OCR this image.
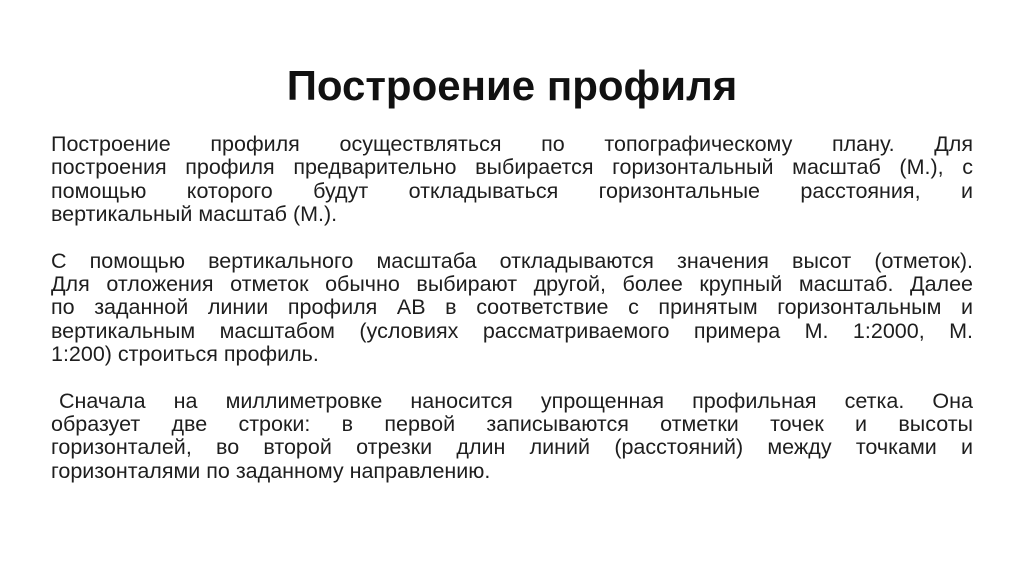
Построение профиля
Построение профиля осуществляться по топографическому плану. Для
построения профиля предварительно выбирается горизонтальный масштаб (М.), с
помощью которого будут откладываться горизонтальные расстояния, и
вертикальный масштаб (М.).
С помощью вертикального масштаба откладываются значения высот (отметок).
Для отложения отметок обычно выбирают другой, более крупный масштаб. Далее
по заданной линии профиля АВ в соответствие с принятым горизонтальным и
вертикальным масштабом (условиях рассматриваемого примера М. 1:2000, М.
1:200) строиться профиль.
Сначала на миллиметровке наносится упрощенная профильная сетка. Она
образует две строки: в первой записываются отметки точек и высоты
горизонталей, во второй отрезки длин линий (расстояний) между точками и
горизонталями по заданному направлению.
